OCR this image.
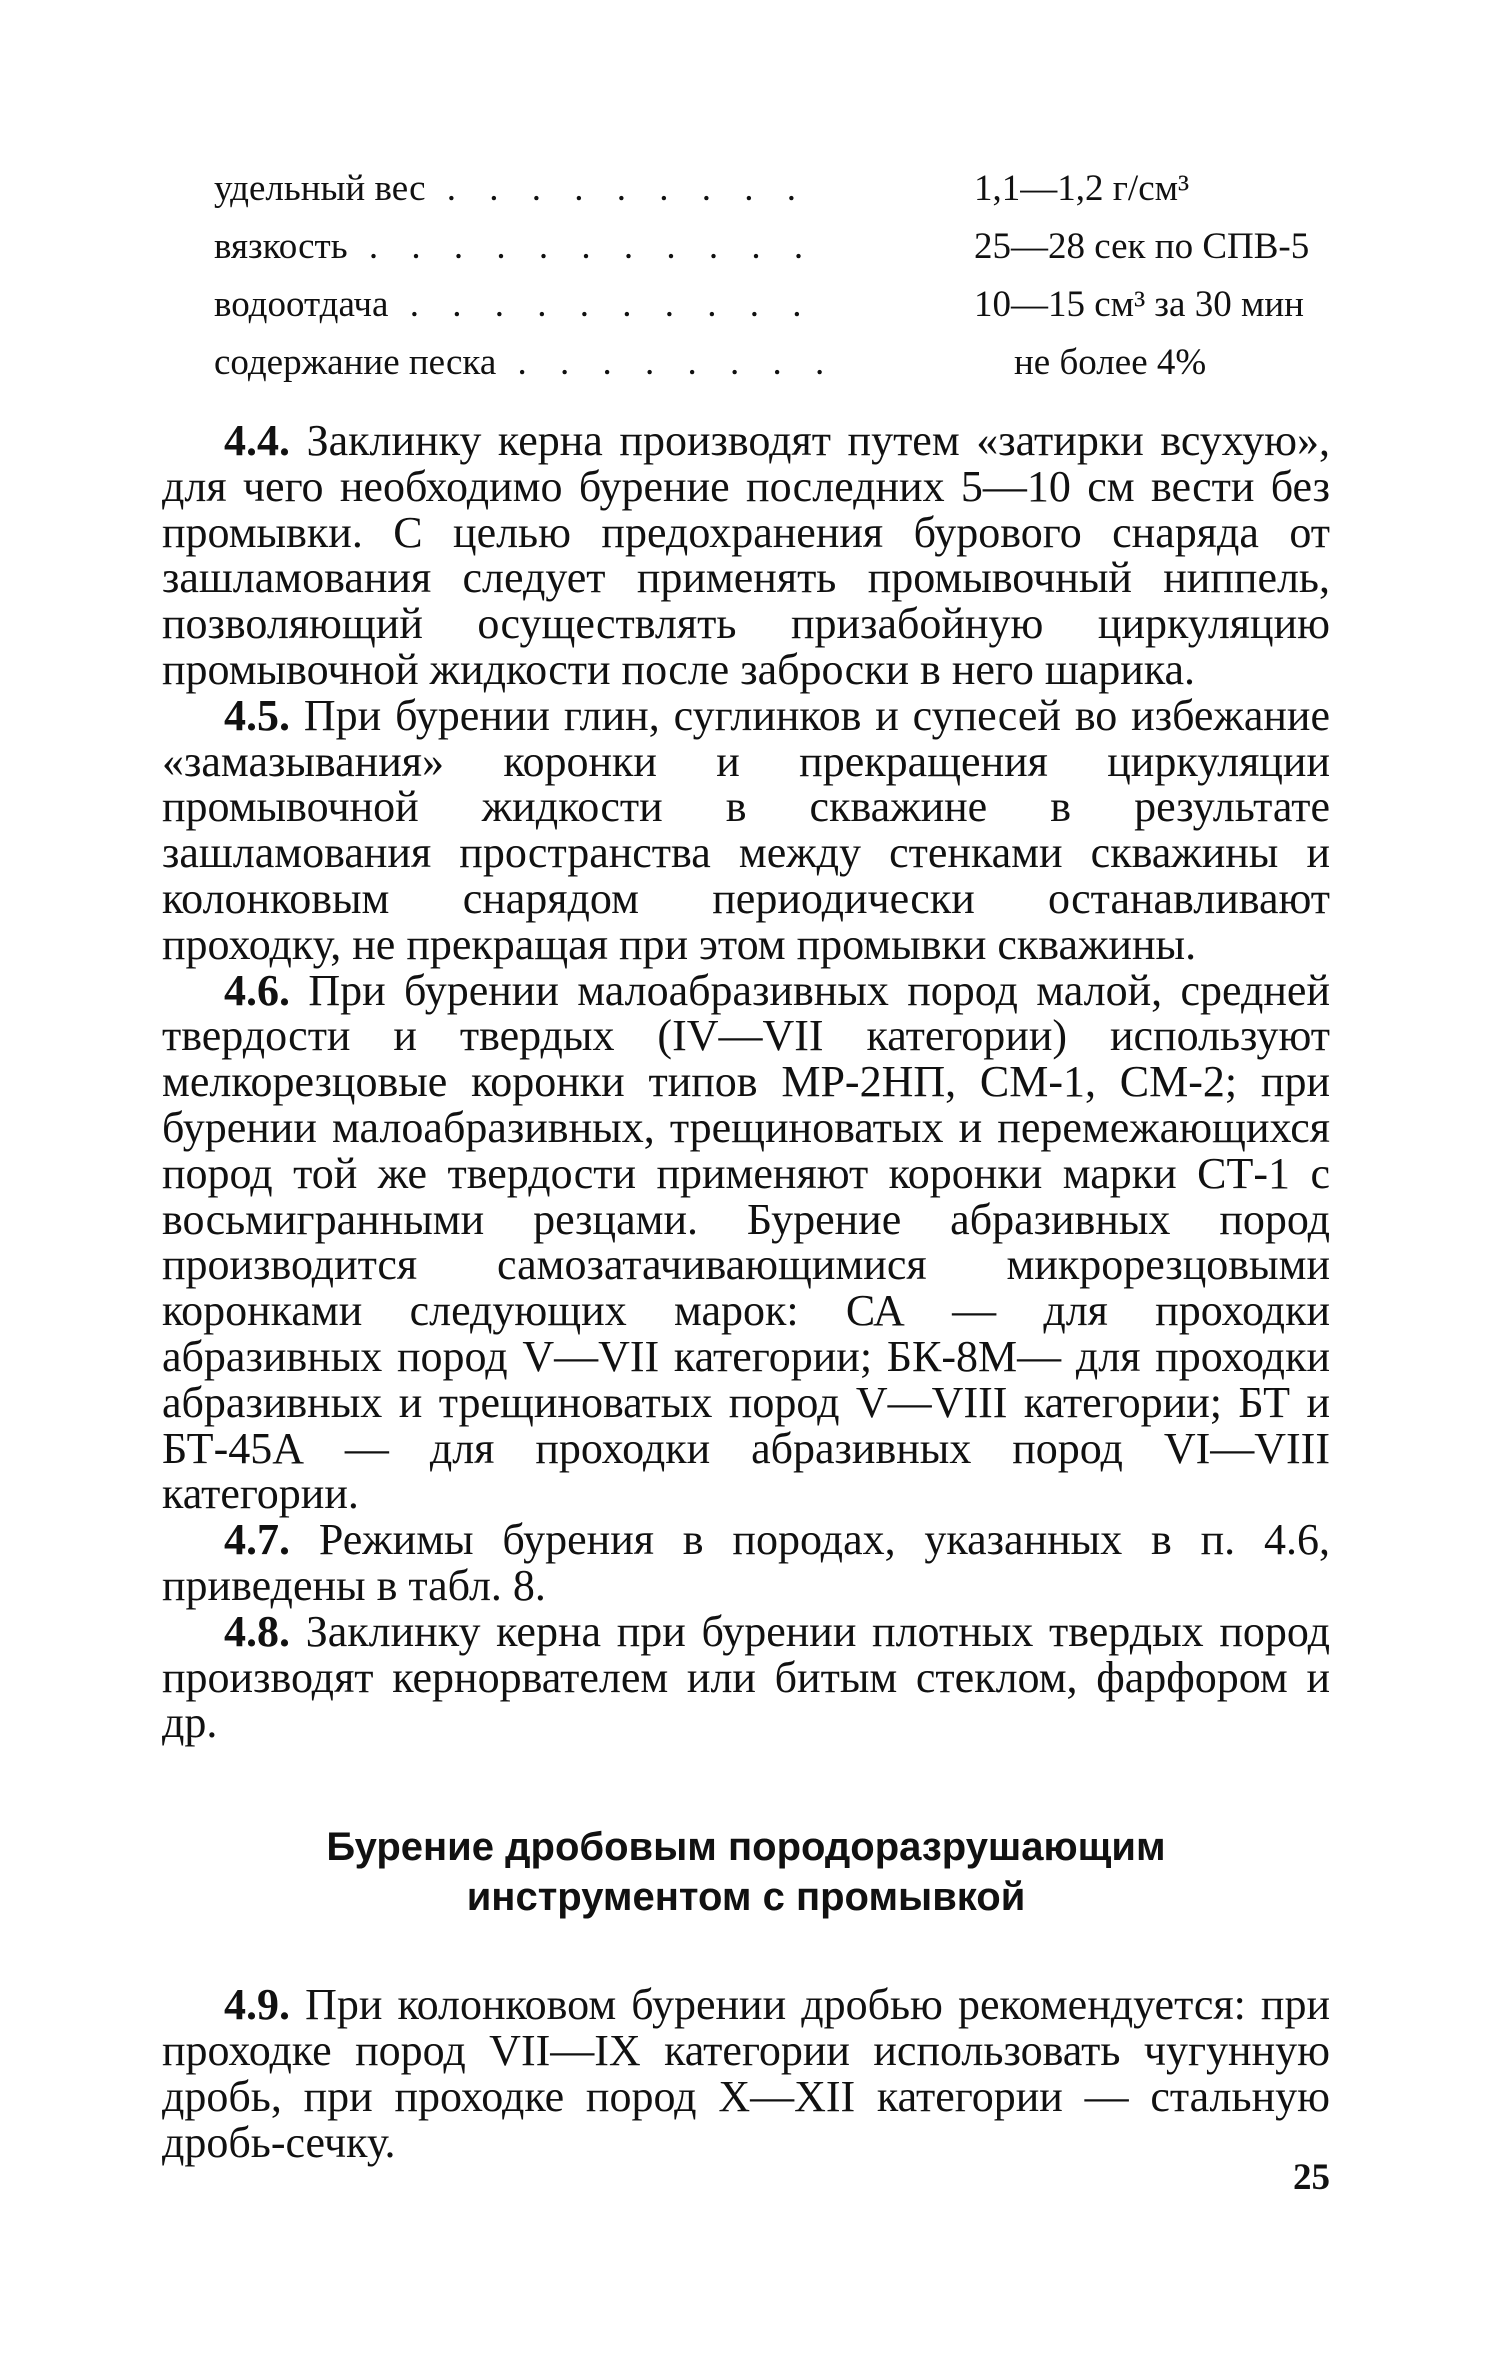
удельный вес . . . . . . . . .	1,1—1,2 г/см³
вязкость . . . . . . . . . . .	25—28 сек по СПВ-5
водоотдача . . . . . . . . . .	10—15 см³ за 30 мин
содержание песка . . . . . . . .	не более 4%

4.4. Заклинку керна производят путем «затирки всухую», для чего необходимо бурение последних 5—10 см вести без промывки. С целью предохранения бурового снаряда от зашламования следует применять промывочный ниппель, позволяющий осуществлять призабойную циркуляцию промывочной жидкости после заброски в него шарика.

4.5. При бурении глин, суглинков и супесей во избежание «замазывания» коронки и прекращения циркуляции промывочной жидкости в скважине в результате зашламования пространства между стенками скважины и колонковым снарядом периодически останавливают проходку, не прекращая при этом промывки скважины.

4.6. При бурении малоабразивных пород малой, средней твердости и твердых (IV—VII категории) используют мелкорезцовые коронки типов МР-2НП, СМ-1, СМ-2; при бурении малоабразивных, трещиноватых и перемежающихся пород той же твердости применяют коронки марки СТ-1 с восьмигранными резцами. Бурение абразивных пород производится самозатачивающимися микрорезцовыми коронками следующих марок: СА — для проходки абразивных пород V—VII категории; БК-8М— для проходки абразивных и трещиноватых пород V—VIII категории; БТ и БТ-45А — для проходки абразивных пород VI—VIII категории.

4.7. Режимы бурения в породах, указанных в п. 4.6, приведены в табл. 8.

4.8. Заклинку керна при бурении плотных твердых пород производят кернорвателем или битым стеклом, фарфором и др.

Бурение дробовым породоразрушающим
инструментом с промывкой

4.9. При колонковом бурении дробью рекомендуется: при проходке пород VII—IX категории использовать чугунную дробь, при проходке пород X—XII категории — стальную дробь-сечку.

25
